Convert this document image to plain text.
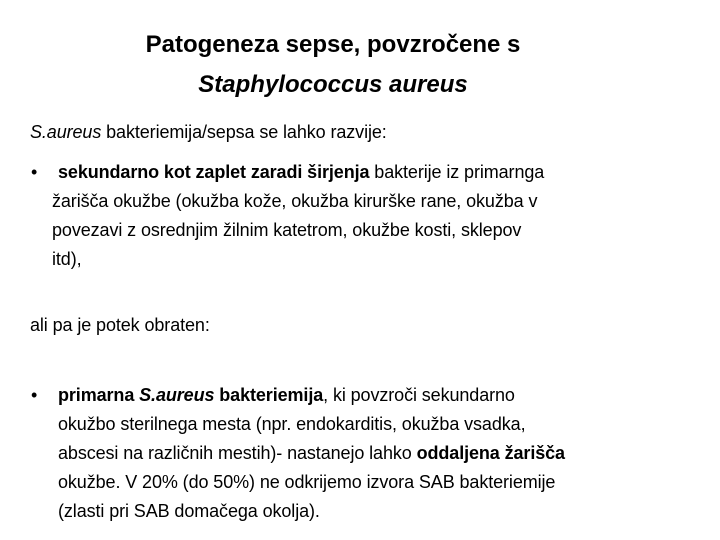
Patogeneza sepse, povzročene s
Staphylococcus aureus
S.aureus bakteriemija/sepsa se lahko razvije:
• sekundarno kot zaplet zaradi širjenja bakterije iz primarnga
žarišča okužbe (okužba kože, okužba kirurške rane, okužba v
povezavi z osrednjim žilnim katetrom, okužbe kosti, sklepov
itd),
ali pa je potek obraten:
• primarna S.aureus bakteriemija, ki povzroči sekundarno
okužbo sterilnega mesta (npr. endokarditis, okužba vsadka,
abscesi na različnih mestih)- nastanejo lahko oddaljena žarišča
okužbe. V 20% (do 50%) ne odkrijemo izvora SAB bakteriemije
(zlasti pri SAB domačega okolja).
